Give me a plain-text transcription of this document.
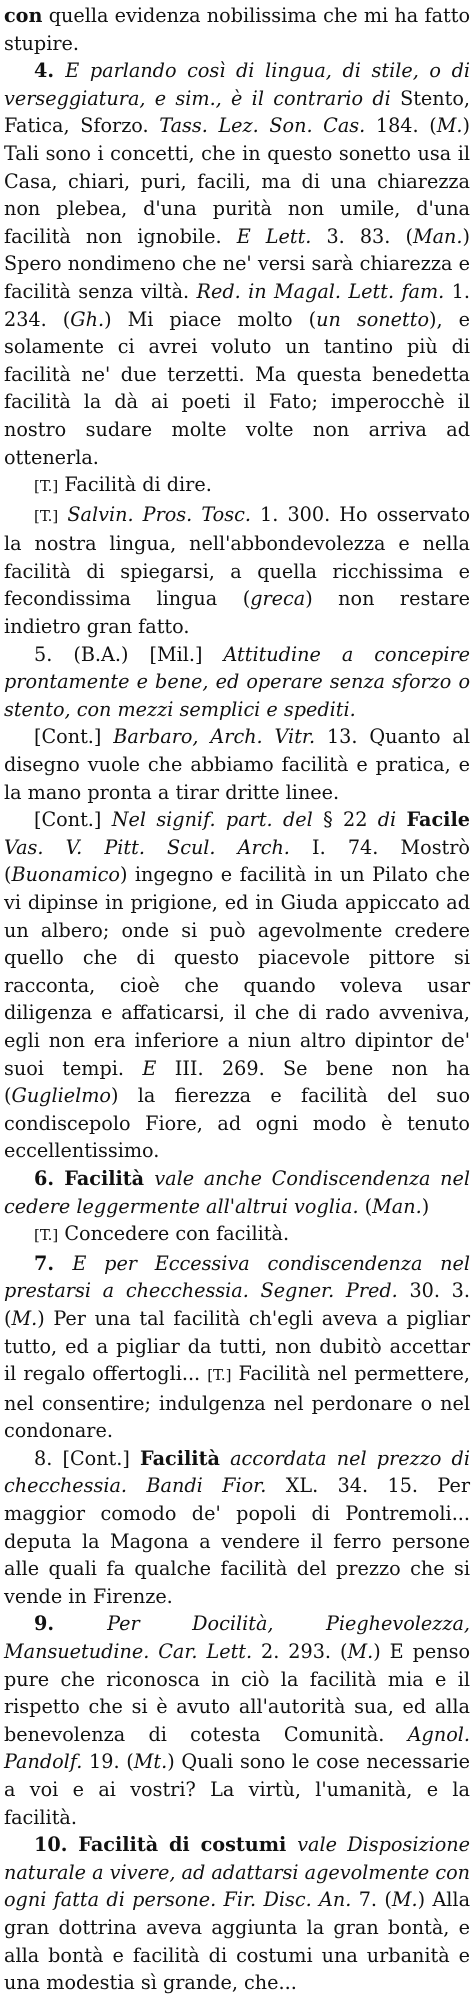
con quella evidenza nobilissima che mi ha fatto stupire.

4. E parlando così di lingua, di stile, o di verseggiatura, e sim., è il contrario di Stento, Fatica, Sforzo. Tass. Lez. Son. Cas. 184. (M.) Tali sono i concetti, che in questo sonetto usa il Casa, chiari, puri, facili, ma di una chiarezza non plebea, d'una purità non umile, d'una facilità non ignobile. E Lett. 3. 83. (Man.) Spero nondimeno che ne' versi sarà chiarezza e facilità senza viltà. Red. in Magal. Lett. fam. 1. 234. (Gh.) Mi piace molto (un sonetto), e solamente ci avrei voluto un tantino più di facilità ne' due terzetti. Ma questa benedetta facilità la dà ai poeti il Fato; imperocchè il nostro sudare molte volte non arriva ad ottenerla.

[T.] Facilità di dire.

[T.] Salvin. Pros. Tosc. 1. 300. Ho osservato la nostra lingua, nell'abbondevolezza e nella facilità di spiegarsi, a quella ricchissima e fecondissima lingua (greca) non restare indietro gran fatto.

5. (B.A.) [Mil.] Attitudine a concepire prontamente e bene, ed operare senza sforzo o stento, con mezzi semplici e spediti.

[Cont.] Barbaro, Arch. Vitr. 13. Quanto al disegno vuole che abbiamo facilità e pratica, e la mano pronta a tirar dritte linee.

[Cont.] Nel signif. part. del § 22 di Facile Vas. V. Pitt. Scul. Arch. I. 74. Mostrò (Buonamico) ingegno e facilità in un Pilato che vi dipinse in prigione, ed in Giuda appiccato ad un albero; onde si può agevolmente credere quello che di questo piacevole pittore si racconta, cioè che quando voleva usar diligenza e affaticarsi, il che di rado avveniva, egli non era inferiore a niun altro dipintor de' suoi tempi. E III. 269. Se bene non ha (Guglielmo) la fierezza e facilità del suo condiscepolo Fiore, ad ogni modo è tenuto eccellentissimo.

6. Facilità vale anche Condiscendenza nel cedere leggermente all'altrui voglia. (Man.)

[T.] Concedere con facilità.

7. E per Eccessiva condiscendenza nel prestarsi a checchessia. Segner. Pred. 30. 3. (M.) Per una tal facilità ch'egli aveva a pigliar tutto, ed a pigliar da tutti, non dubitò accettar il regalo offertogli... [T.] Facilità nel permettere, nel consentire; indulgenza nel perdonare o nel condonare.

8. [Cont.] Facilità accordata nel prezzo di checchessia. Bandi Fior. XL. 34. 15. Per maggior comodo de' popoli di Pontremoli... deputa la Magona a vendere il ferro persone alle quali fa qualche facilità del prezzo che si vende in Firenze.

9. Per Docilità, Pieghevolezza, Mansuetudine. Car. Lett. 2. 293. (M.) E penso pure che riconosca in ciò la facilità mia e il rispetto che si è avuto all'autorità sua, ed alla benevolenza di cotesta Comunità. Agnol. Pandolf. 19. (Mt.) Quali sono le cose necessarie a voi e ai vostri? La virtù, l'umanità, e la facilità.

10. Facilità di costumi vale Disposizione naturale a vivere, ad adattarsi agevolmente con ogni fatta di persone. Fir. Disc. An. 7. (M.) Alla gran dottrina aveva aggiunta la gran bontà, e alla bontà e facilità di costumi una urbanità e una modestia sì grande, che...
